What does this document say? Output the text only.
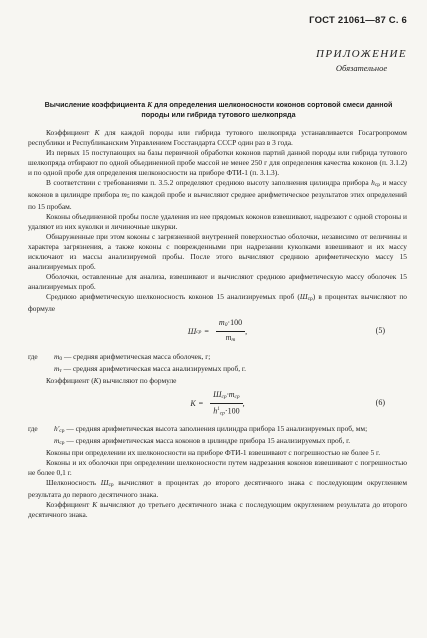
ГОСТ 21061—87 С. 6
ПРИЛОЖЕНИЕ
Обязательное
Вычисление коэффициента К для определения шелконосности коконов сортовой смеси данной породы или гибрида тутового шелкопряда

Коэффициент К для каждой породы или гибрида тутового шелкопряда устанавливается Госагропромом республики и Республиканским Управлением Госстандарта СССР один раз в 3 года.

Из первых 15 поступающих на базы первичной обработки коконов партий данной породы или гибрида тутового шелкопряда отбирают по одной объединенной пробе массой не менее 250 г для определения качества коконов (п. 3.1.2) и по одной пробе для определения шелконосности на приборе ФТИ-1 (п. 3.1.3).

В соответствии с требованиями п. 3.5.2 определяют среднюю высоту заполнения цилиндра прибора hср и массу коконов в цилиндре прибора m5 по каждой пробе и вычисляют среднее арифметическое результатов этих определений по 15 пробам.

Коконы объединенной пробы после удаления из нее прядомых коконов взвешивают, надрезают с одной стороны и удаляют из них куколки и личиночные шкурки.

Обнаруженные при этом коконы с загрязненной внутренней поверхностью оболочки, независимо от величины и характера загрязнения, а также коконы с поврежденными при надрезании куколками взвешивают и их массу исключают из массы анализируемой пробы. После этого вычисляют среднюю арифметическую массу 15 анализируемых проб.

Оболочки, оставленные для анализа, взвешивают и вычисляют среднюю арифметическую массу оболочек 15 анализируемых проб.

Среднюю арифметическую шелконосность коконов 15 анализируемых проб (Шср) в процентах вычисляют по формуле

Ш ср = $\frac{m0\cdot 100}{mт}$ ,	(5)
где	m0 — средняя арифметическая масса оболочек, г;
mт — средняя арифметическая масса анализируемых проб, г.

Коэффициент (К) вычисляют по формуле

$К = \frac{\text{Шср·mср}}{h^1ср\cdot 100}$ ,	(6)
где	h'ср — средняя арифметическая высота заполнения цилиндра прибора 15 анализируемых проб, мм;
mср — средняя арифметическая масса коконов в цилиндре прибора 15 анализируемых проб, г.

Коконы при определении их шелконосности на приборе ФТИ-1 взвешивают с погрешностью не более 5 г.

Коконы и их оболочки при определении шелконосности путем надрезания коконов взвешивают с погрешностью не более 0,1 г.

Шелконосность Шср вычисляют в процентах до второго десятичного знака с последующим округлением результата до первого десятичного знака.

Коэффициент К вычисляют до третьего десятичного знака с последующим округлением результата до второго десятичного знака.
